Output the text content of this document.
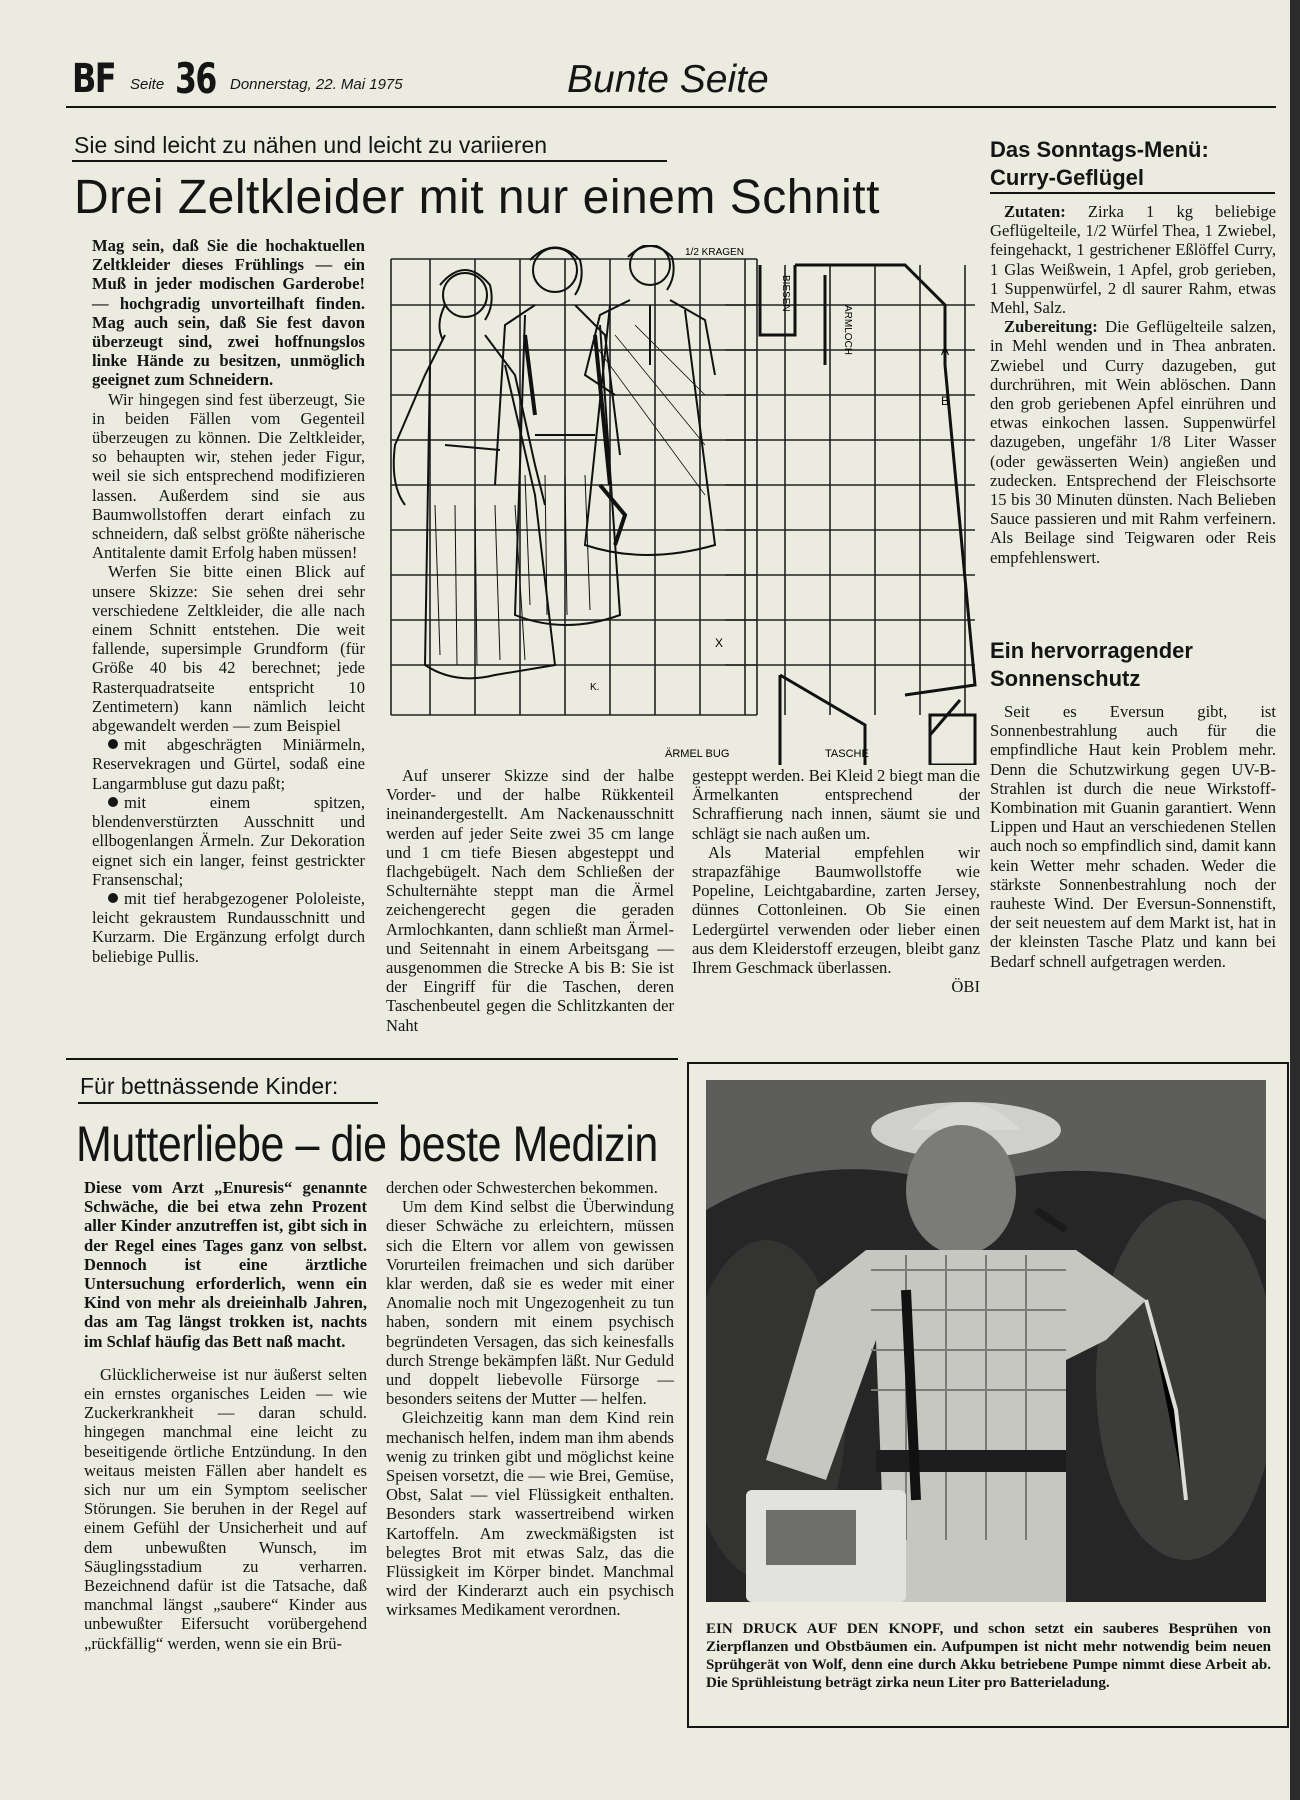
BF Seite 36 Donnerstag, 22. Mai 1975	Bunte Seite
Sie sind leicht zu nähen und leicht zu variieren
Drei Zeltkleider mit nur einem Schnitt

Mag sein, daß Sie die hochaktuellen Zeltkleider dieses Frühlings — ein Muß in jeder modischen Garderobe! — hochgradig unvorteilhaft finden. Mag auch sein, daß Sie fest davon überzeugt sind, zwei hoffnungslos linke Hände zu besitzen, unmöglich geeignet zum Schneidern.

Wir hingegen sind fest überzeugt, Sie in beiden Fällen vom Gegenteil überzeugen zu können. Die Zeltkleider, so behaupten wir, stehen jeder Figur, weil sie sich entsprechend modifizieren lassen. Außerdem sind sie aus Baumwollstoffen derart einfach zu schneidern, daß selbst größte näherische Antitalente damit Erfolg haben müssen!

Werfen Sie bitte einen Blick auf unsere Skizze: Sie sehen drei sehr verschiedene Zeltkleider, die alle nach einem Schnitt entstehen. Die weit fallende, supersimple Grundform (für Größe 40 bis 42 berechnet; jede Rasterquadratseite entspricht 10 Zentimetern) kann nämlich leicht abgewandelt werden — zum Beispiel

mit abgeschrägten Miniärmeln, Reservekragen und Gürtel, sodaß eine Langarmbluse gut dazu paßt;

mit einem spitzen, blendenverstürzten Ausschnitt und ellbogenlangen Ärmeln. Zur Dekoration eignet sich ein langer, feinst gestrickter Fransenschal;

mit tief herabgezogener Pololeiste, leicht gekraustem Rundausschnitt und Kurzarm. Die Ergänzung erfolgt durch beliebige Pullis.

1/2 KRAGEN
BIESEN
ARMLOCH
ÄRMEL BUG	TASCHE
A
B
X
K.

Auf unserer Skizze sind der halbe Vorder- und der halbe Rükkenteil ineinandergestellt. Am Nackenausschnitt werden auf jeder Seite zwei 35 cm lange und 1 cm tiefe Biesen abgesteppt und flachgebügelt. Nach dem Schließen der Schulternähte steppt man die Ärmel zeichengerecht gegen die geraden Armlochkanten, dann schließt man Ärmel- und Seitennaht in einem Arbeitsgang — ausgenommen die Strecke A bis B: Sie ist der Eingriff für die Taschen, deren Taschenbeutel gegen die Schlitzkanten der Naht

gesteppt werden. Bei Kleid 2 biegt man die Ärmelkanten entsprechend der Schraffierung nach innen, säumt sie und schlägt sie nach außen um.

Als Material empfehlen wir strapazfähige Baumwollstoffe wie Popeline, Leichtgabardine, zarten Jersey, dünnes Cottonleinen. Ob Sie einen Ledergürtel verwenden oder lieber einen aus dem Kleiderstoff erzeugen, bleibt ganz Ihrem Geschmack überlassen.

ÖBI

Das Sonntags-Menü:
Curry-Geflügel

Zutaten: Zirka 1 kg beliebige Geflügelteile, 1/2 Würfel Thea, 1 Zwiebel, feingehackt, 1 gestrichener Eßlöffel Curry, 1 Glas Weißwein, 1 Apfel, grob gerieben, 1 Suppenwürfel, 2 dl saurer Rahm, etwas Mehl, Salz.

Zubereitung: Die Geflügelteile salzen, in Mehl wenden und in Thea anbraten. Zwiebel und Curry dazugeben, gut durchrühren, mit Wein ablöschen. Dann den grob geriebenen Apfel einrühren und etwas einkochen lassen. Suppenwürfel dazugeben, ungefähr 1/8 Liter Wasser (oder gewässerten Wein) angießen und zudecken. Entsprechend der Fleischsorte 15 bis 30 Minuten dünsten. Nach Belieben Sauce passieren und mit Rahm verfeinern. Als Beilage sind Teigwaren oder Reis empfehlenswert.

Ein hervorragender
Sonnenschutz

Seit es Eversun gibt, ist Sonnenbestrahlung auch für die empfindliche Haut kein Problem mehr. Denn die Schutzwirkung gegen UV-B-Strahlen ist durch die neue Wirkstoff-Kombination mit Guanin garantiert. Wenn Lippen und Haut an verschiedenen Stellen auch noch so empfindlich sind, damit kann kein Wetter mehr schaden. Weder die stärkste Sonnenbestrahlung noch der rauheste Wind. Der Eversun-Sonnenstift, der seit neuestem auf dem Markt ist, hat in der kleinsten Tasche Platz und kann bei Bedarf schnell aufgetragen werden.

Für bettnässende Kinder:
Mutterliebe – die beste Medizin

Diese vom Arzt „Enuresis“ genannte Schwäche, die bei etwa zehn Prozent aller Kinder anzutreffen ist, gibt sich in der Regel eines Tages ganz von selbst. Dennoch ist eine ärztliche Untersuchung erforderlich, wenn ein Kind von mehr als dreieinhalb Jahren, das am Tag längst trokken ist, nachts im Schlaf häufig das Bett naß macht.

Glücklicherweise ist nur äußerst selten ein ernstes organisches Leiden — wie Zuckerkrankheit — daran schuld. hingegen manchmal eine leicht zu beseitigende örtliche Entzündung. In den weitaus meisten Fällen aber handelt es sich nur um ein Symptom seelischer Störungen. Sie beruhen in der Regel auf einem Gefühl der Unsicherheit und auf dem unbewußten Wunsch, im Säuglingsstadium zu verharren. Bezeichnend dafür ist die Tatsache, daß manchmal längst „saubere“ Kinder aus unbewußter Eifersucht vorübergehend „rückfällig“ werden, wenn sie ein Brü-

derchen oder Schwesterchen bekommen.

Um dem Kind selbst die Überwindung dieser Schwäche zu erleichtern, müssen sich die Eltern vor allem von gewissen Vorurteilen freimachen und sich darüber klar werden, daß sie es weder mit einer Anomalie noch mit Ungezogenheit zu tun haben, sondern mit einem psychisch begründeten Versagen, das sich keinesfalls durch Strenge bekämpfen läßt. Nur Geduld und doppelt liebevolle Fürsorge — besonders seitens der Mutter — helfen.

Gleichzeitig kann man dem Kind rein mechanisch helfen, indem man ihm abends wenig zu trinken gibt und möglichst keine Speisen vorsetzt, die — wie Brei, Gemüse, Obst, Salat — viel Flüssigkeit enthalten. Besonders stark wassertreibend wirken Kartoffeln. Am zweckmäßigsten ist belegtes Brot mit etwas Salz, das die Flüssigkeit im Körper bindet. Manchmal wird der Kinderarzt auch ein psychisch wirksames Medikament verordnen.

EIN DRUCK AUF DEN KNOPF, und schon setzt ein sauberes Besprühen von Zierpflanzen und Obstbäumen ein. Aufpumpen ist nicht mehr notwendig beim neuen Sprühgerät von Wolf, denn eine durch Akku betriebene Pumpe nimmt diese Arbeit ab. Die Sprühleistung beträgt zirka neun Liter pro Batterieladung.
